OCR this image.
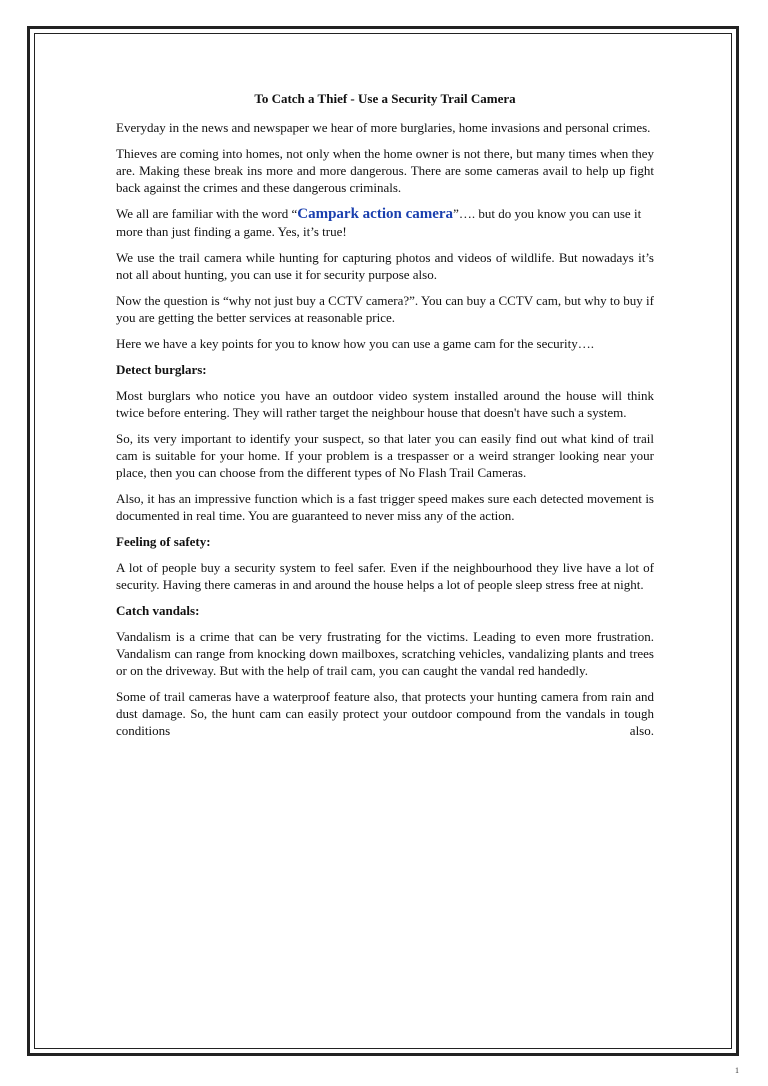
To Catch a Thief - Use a Security Trail Camera

Everyday in the news and newspaper we hear of more burglaries, home invasions and personal crimes.

Thieves are coming into homes, not only when the home owner is not there, but many times when they are. Making these break ins more and more dangerous. There are some cameras avail to help up fight back against the crimes and these dangerous criminals.

We all are familiar with the word “Campark action camera”…. but do you know you can use it more than just finding a game. Yes, it’s true!

We use the trail camera while hunting for capturing photos and videos of wildlife. But nowadays it’s not all about hunting, you can use it for security purpose also.

Now the question is “why not just buy a CCTV camera?”. You can buy a CCTV cam, but why to buy if you are getting the better services at reasonable price.

Here we have a key points for you to know how you can use a game cam for the security….

Detect burglars:

Most burglars who notice you have an outdoor video system installed around the house will think twice before entering. They will rather target the neighbour house that doesn't have such a system.

So, its very important to identify your suspect, so that later you can easily find out what kind of trail cam is suitable for your home. If your problem is a trespasser or a weird stranger looking near your place, then you can choose from the different types of No Flash Trail Cameras.

Also, it has an impressive function which is a fast trigger speed makes sure each detected movement is documented in real time. You are guaranteed to never miss any of the action.

Feeling of safety:

A lot of people buy a security system to feel safer. Even if the neighbourhood they live have a lot of security. Having there cameras in and around the house helps a lot of people sleep stress free at night.

Catch vandals:

Vandalism is a crime that can be very frustrating for the victims. Leading to even more frustration. Vandalism can range from knocking down mailboxes, scratching vehicles, vandalizing plants and trees or on the driveway. But with the help of trail cam, you can caught the vandal red handedly.

Some of trail cameras have a waterproof feature also, that protects your hunting camera from rain and dust damage. So, the hunt cam can easily protect your outdoor compound from the vandals in tough conditions also.

1
